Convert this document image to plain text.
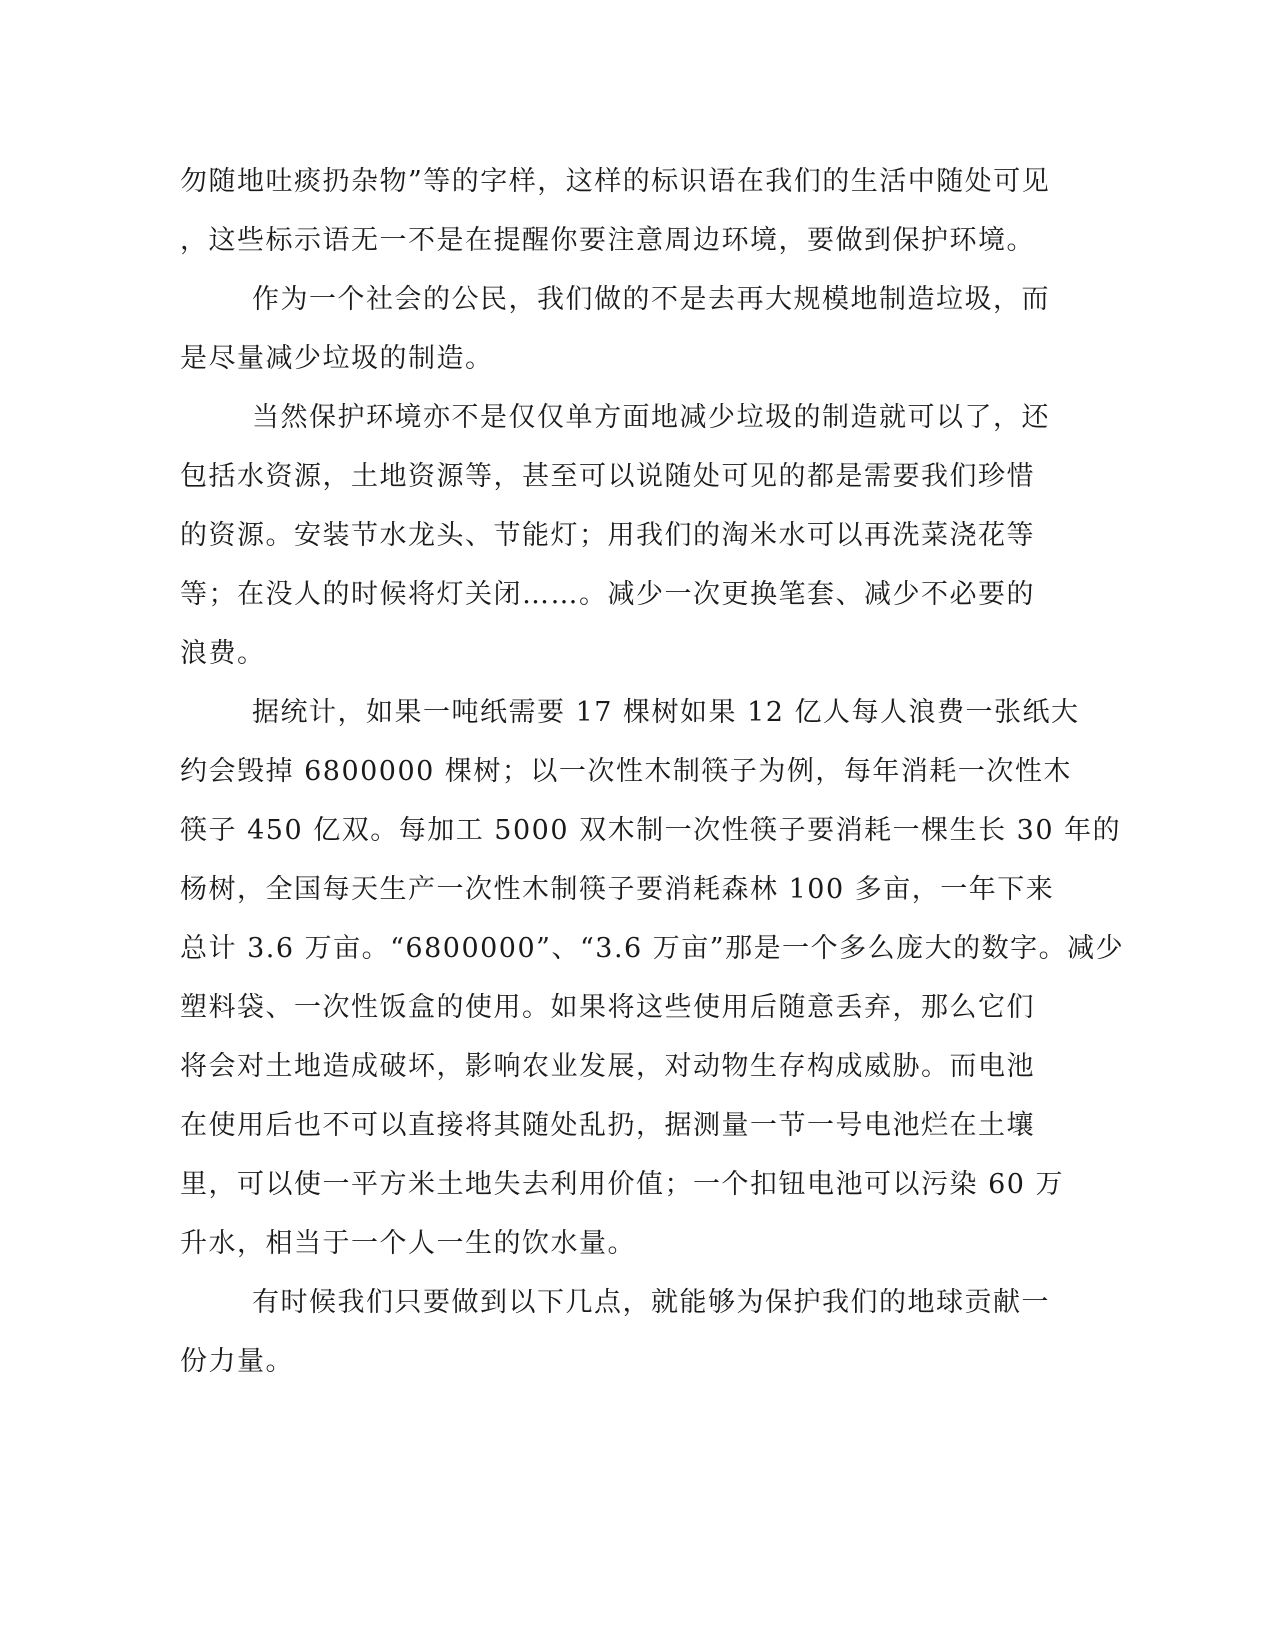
勿随地吐痰扔杂物”等的字样，这样的标识语在我们的生活中随处可见
，这些标示语无一不是在提醒你要注意周边环境，要做到保护环境。

作为一个社会的公民，我们做的不是去再大规模地制造垃圾，而
是尽量减少垃圾的制造。

当然保护环境亦不是仅仅单方面地减少垃圾的制造就可以了，还
包括水资源，土地资源等，甚至可以说随处可见的都是需要我们珍惜
的资源。安装节水龙头、节能灯；用我们的淘米水可以再洗菜浇花等
等；在没人的时候将灯关闭……。减少一次更换笔套、减少不必要的
浪费。

据统计，如果一吨纸需要 17 棵树如果 12 亿人每人浪费一张纸大
约会毁掉 6800000 棵树；以一次性木制筷子为例，每年消耗一次性木
筷子 450 亿双。每加工 5000 双木制一次性筷子要消耗一棵生长 30 年的
杨树，全国每天生产一次性木制筷子要消耗森林 100 多亩，一年下来
总计 3.6 万亩。“6800000”、“3.6 万亩”那是一个多么庞大的数字。减少
塑料袋、一次性饭盒的使用。如果将这些使用后随意丢弃，那么它们
将会对土地造成破坏，影响农业发展，对动物生存构成威胁。而电池
在使用后也不可以直接将其随处乱扔，据测量一节一号电池烂在土壤
里，可以使一平方米土地失去利用价值；一个扣钮电池可以污染 60 万
升水，相当于一个人一生的饮水量。

有时候我们只要做到以下几点，就能够为保护我们的地球贡献一
份力量。
